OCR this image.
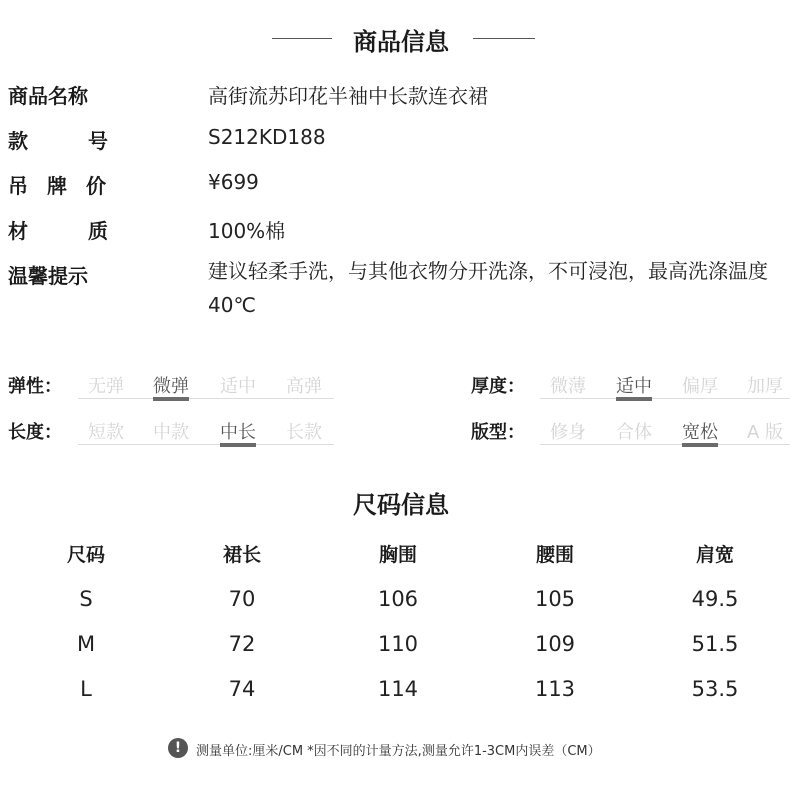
商品信息
商品名称	高街流苏印花半袖中长款连衣裙
款号	S212KD188
吊牌价	¥699
材质	100%棉
温馨提示	建议轻柔手洗，与其他衣物分开洗涤，不可浸泡，最高洗涤温度40℃
弹性： 无弹 微弹 适中 高弹
长度： 短款 中款 中长 长款
厚度： 微薄 适中 偏厚 加厚
版型： 修身 合体 宽松 A 版
尺码信息
尺码	裙长	胸围	腰围	肩宽
S	70	106	105	49.5
M	72	110	109	51.5
L	74	114	113	53.5
!	测量单位:厘米/CM *因不同的计量方法,测量允许1-3CM内误差（CM）
